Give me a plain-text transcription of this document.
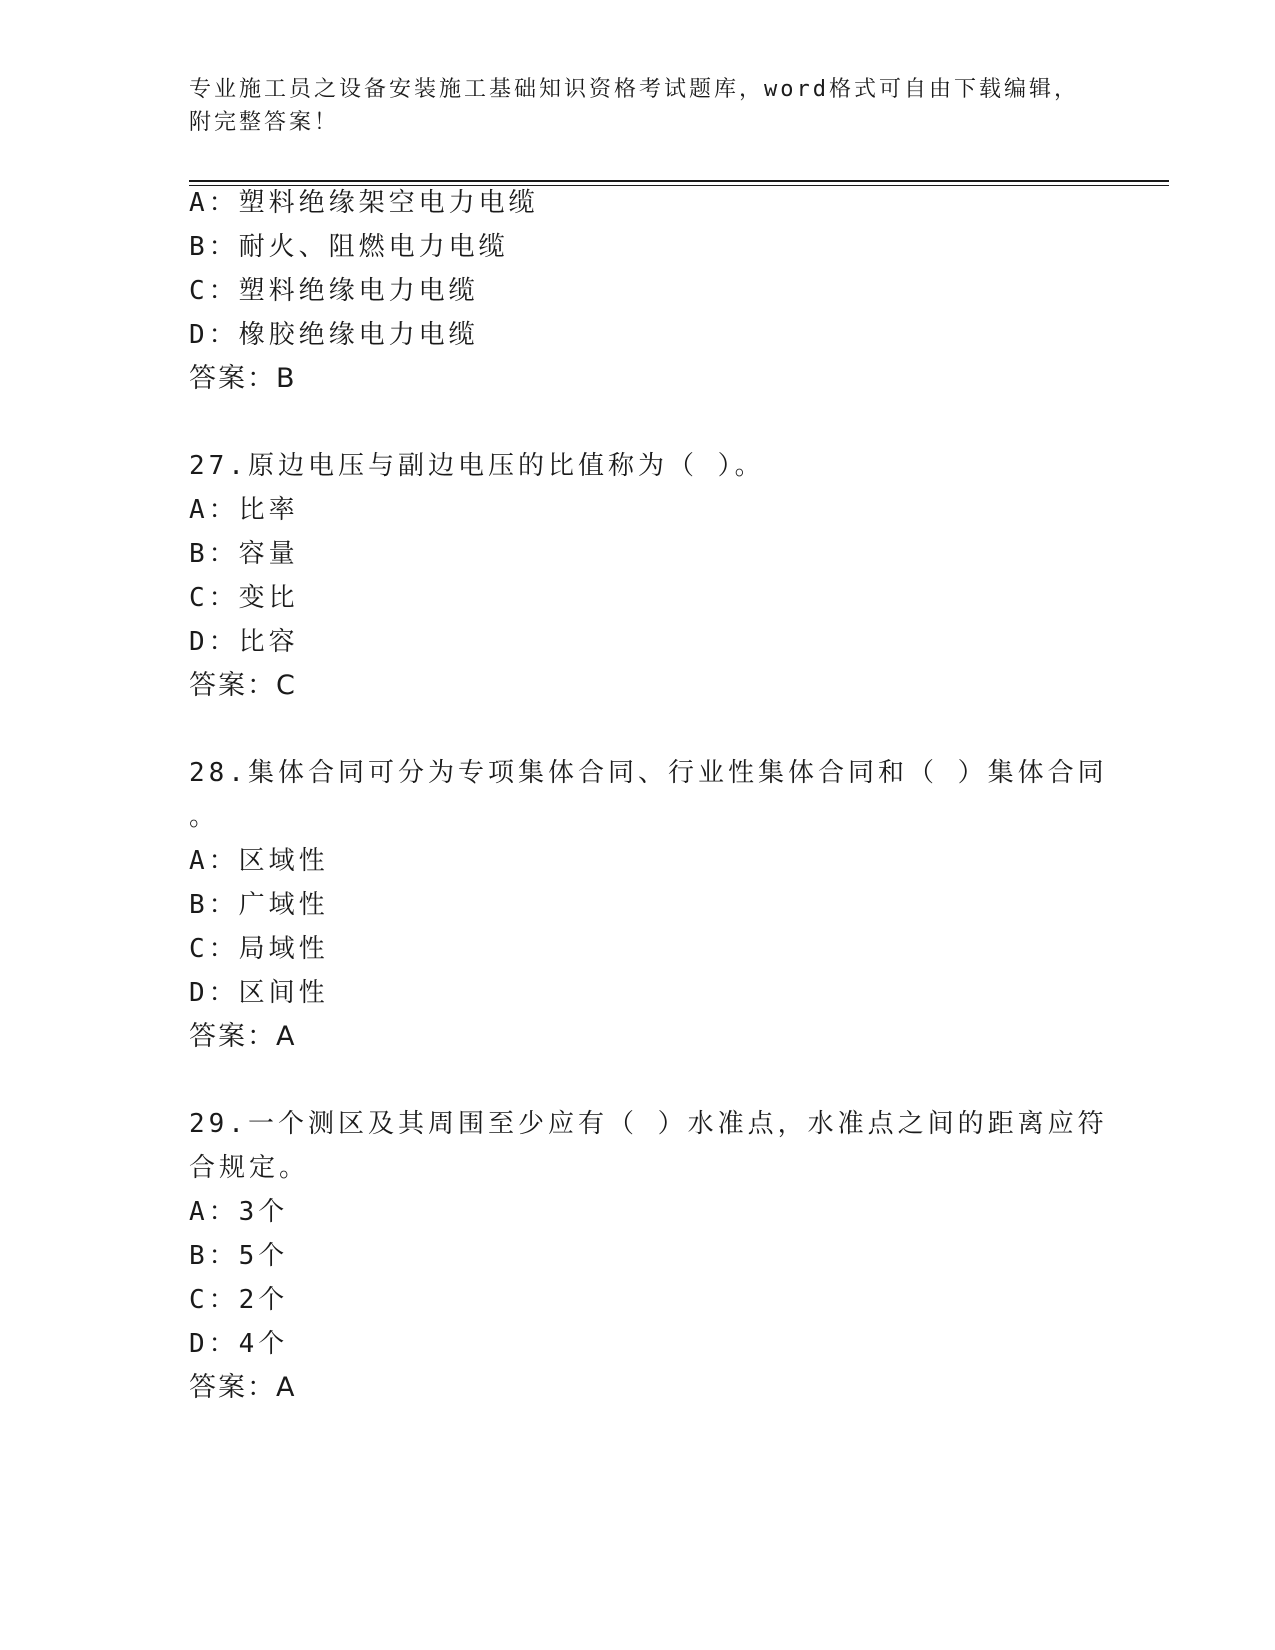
专业施工员之设备安装施工基础知识资格考试题库，word格式可自由下载编辑，
附完整答案！
A：塑料绝缘架空电力电缆
B：耐火、阻燃电力电缆
C：塑料绝缘电力电缆
D：橡胶绝缘电力电缆
答案：B
27.原边电压与副边电压的比值称为（ ）。
A：比率
B：容量
C：变比
D：比容
答案：C
28.集体合同可分为专项集体合同、行业性集体合同和（ ）集体合同
。
A：区域性
B：广域性
C：局域性
D：区间性
答案：A
29.一个测区及其周围至少应有（ ）水准点，水准点之间的距离应符
合规定。
A：3个
B：5个
C：2个
D：4个
答案：A
